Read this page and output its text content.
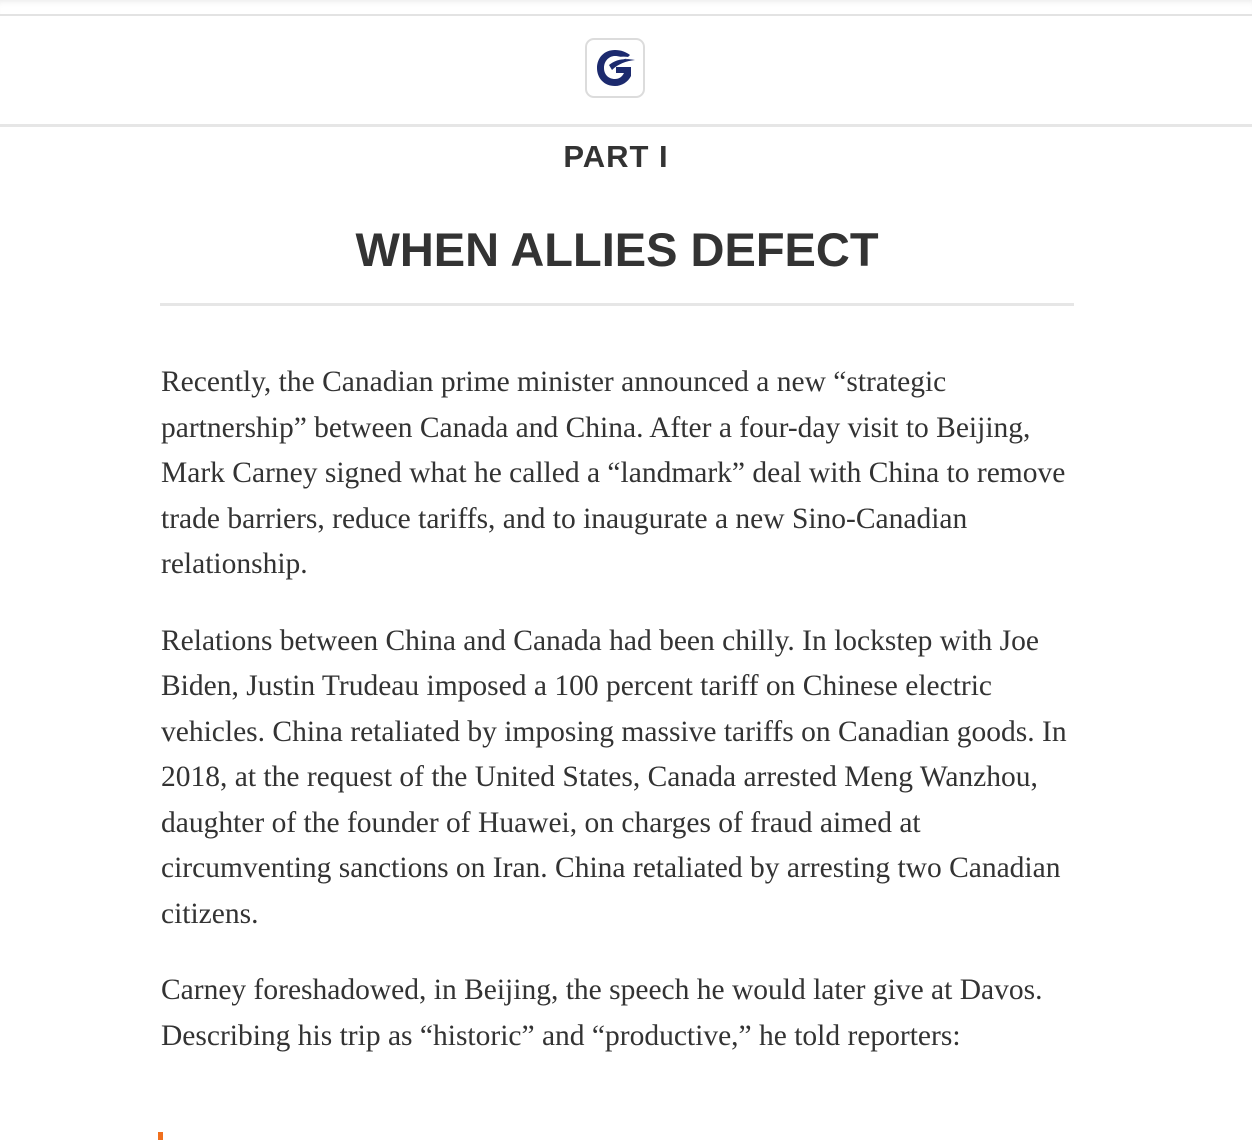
PART I
WHEN ALLIES DEFECT

Recently, the Canadian prime minister announced a new “strategic partnership” between Canada and China. After a four-day visit to Beijing, Mark Carney signed what he called a “landmark” deal with China to remove trade barriers, reduce tariffs, and to inaugurate a new Sino-Canadian relationship.

Relations between China and Canada had been chilly. In lockstep with Joe Biden, Justin Trudeau imposed a 100 percent tariff on Chinese electric vehicles. China retaliated by imposing massive tariffs on Canadian goods. In 2018, at the request of the United States, Canada arrested Meng Wanzhou, daughter of the founder of Huawei, on charges of fraud aimed at circumventing sanctions on Iran. China retaliated by arresting two Canadian citizens.

Carney foreshadowed, in Beijing, the speech he would later give at Davos. Describing his trip as “historic” and “productive,” he told reporters:
